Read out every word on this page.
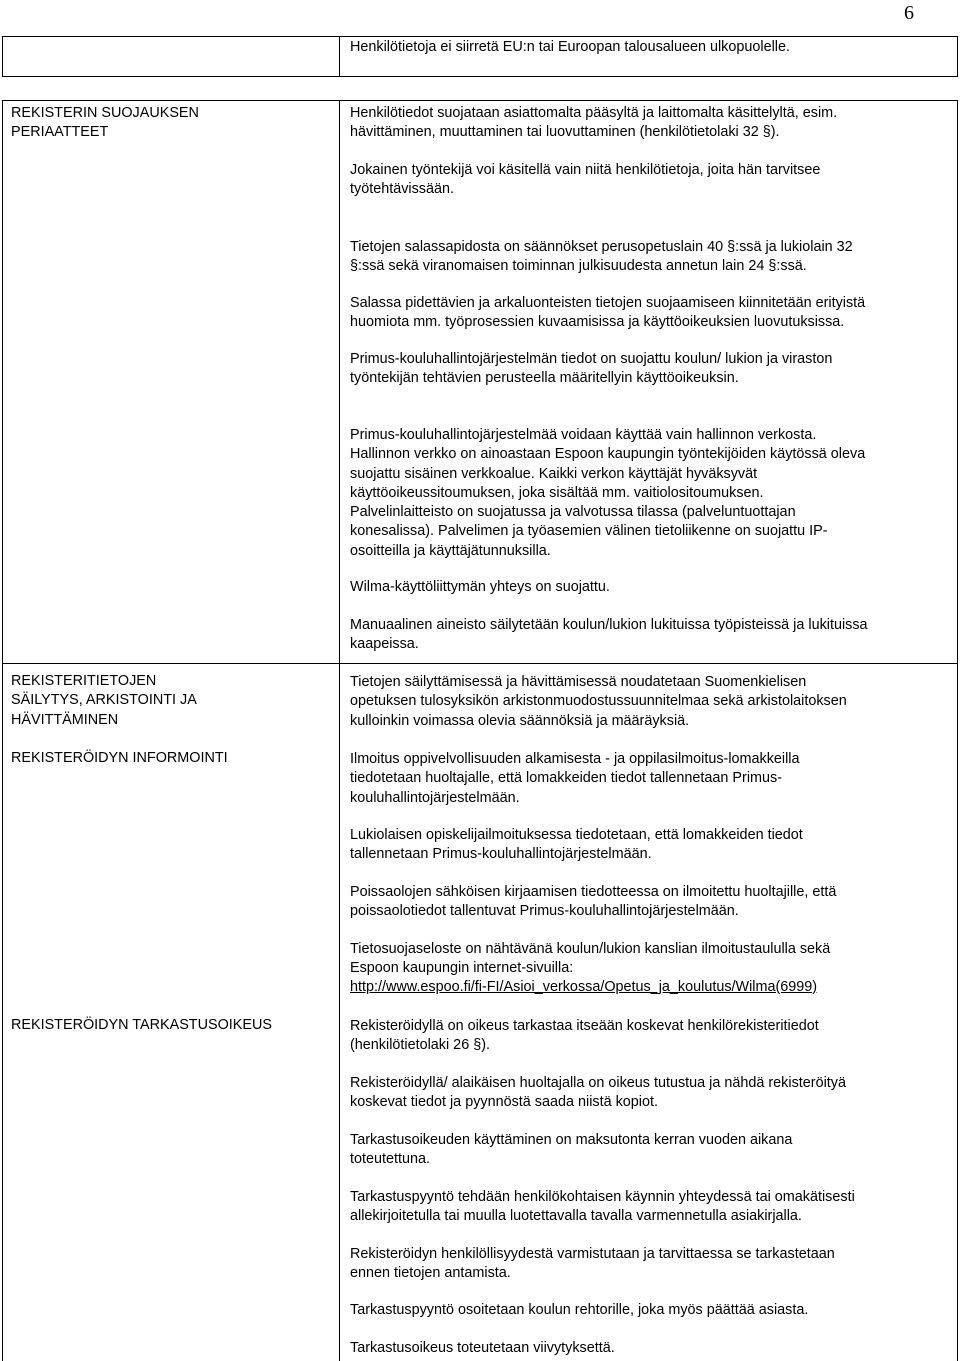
6
Henkilötietoja ei siirretä EU:n tai Euroopan talousalueen ulkopuolelle.
REKISTERIN SUOJAUKSEN
PERIAATTEET
Henkilötiedot suojataan asiattomalta pääsyltä ja laittomalta käsittelyltä, esim.
hävittäminen, muuttaminen tai luovuttaminen (henkilötietolaki 32 §).
Jokainen työntekijä voi käsitellä vain niitä henkilötietoja, joita hän tarvitsee
työtehtävissään.
Tietojen salassapidosta on säännökset perusopetuslain 40 §:ssä ja lukiolain 32
§:ssä sekä viranomaisen toiminnan julkisuudesta annetun lain 24 §:ssä.
Salassa pidettävien ja arkaluonteisten tietojen suojaamiseen kiinnitetään erityistä
huomiota mm. työprosessien kuvaamisissa ja käyttöoikeuksien luovutuksissa.
Primus-kouluhallintojärjestelmän tiedot on suojattu koulun/ lukion ja viraston
työntekijän tehtävien perusteella määritellyin käyttöoikeuksin.
Primus-kouluhallintojärjestelmää voidaan käyttää vain hallinnon verkosta.
Hallinnon verkko on ainoastaan Espoon kaupungin työntekijöiden käytössä oleva
suojattu sisäinen verkkoalue. Kaikki verkon käyttäjät hyväksyvät
käyttöoikeussitoumuksen, joka sisältää mm. vaitiolositoumuksen.
Palvelinlaitteisto on suojatussa ja valvotussa tilassa (palveluntuottajan
konesalissa). Palvelimen ja työasemien välinen tietoliikenne on suojattu IP-
osoitteilla ja käyttäjätunnuksilla.
Wilma-käyttöliittymän yhteys on suojattu.
Manuaalinen aineisto säilytetään koulun/lukion lukituissa työpisteissä ja lukituissa
kaapeissa.
REKISTERITIETOJEN
SÄILYTYS, ARKISTOINTI JA
HÄVITTÄMINEN
Tietojen säilyttämisessä ja hävittämisessä noudatetaan Suomenkielisen
opetuksen tulosyksikön arkistonmuodostussuunnitelmaa sekä arkistolaitoksen
kulloinkin voimassa olevia säännöksiä ja määräyksiä.
REKISTERÖIDYN INFORMOINTI	Ilmoitus oppivelvollisuuden alkamisesta - ja oppilasilmoitus-lomakkeilla
tiedotetaan huoltajalle, että lomakkeiden tiedot tallennetaan Primus-
kouluhallintojärjestelmään.
Lukiolaisen opiskelijailmoituksessa tiedotetaan, että lomakkeiden tiedot
tallennetaan Primus-kouluhallintojärjestelmään.
Poissaolojen sähköisen kirjaamisen tiedotteessa on ilmoitettu huoltajille, että
poissaolotiedot tallentuvat Primus-kouluhallintojärjestelmään.
Tietosuojaseloste on nähtävänä koulun/lukion kanslian ilmoitustaululla sekä
Espoon kaupungin internet-sivuilla:
http://www.espoo.fi/fi-FI/Asioi_verkossa/Opetus_ja_koulutus/Wilma(6999)
REKISTERÖIDYN TARKASTUSOIKEUS	Rekisteröidyllä on oikeus tarkastaa itseään koskevat henkilörekisteritiedot
(henkilötietolaki 26 §).
Rekisteröidyllä/ alaikäisen huoltajalla on oikeus tutustua ja nähdä rekisteröityä
koskevat tiedot ja pyynnöstä saada niistä kopiot.
Tarkastusoikeuden käyttäminen on maksutonta kerran vuoden aikana
toteutettuna.
Tarkastuspyyntö tehdään henkilökohtaisen käynnin yhteydessä tai omakätisesti
allekirjoitetulla tai muulla luotettavalla tavalla varmennetulla asiakirjalla.
Rekisteröidyn henkilöllisyydestä varmistutaan ja tarvittaessa se tarkastetaan
ennen tietojen antamista.
Tarkastuspyyntö osoitetaan koulun rehtorille, joka myös päättää asiasta.
Tarkastusoikeus toteutetaan viivytyksettä.
